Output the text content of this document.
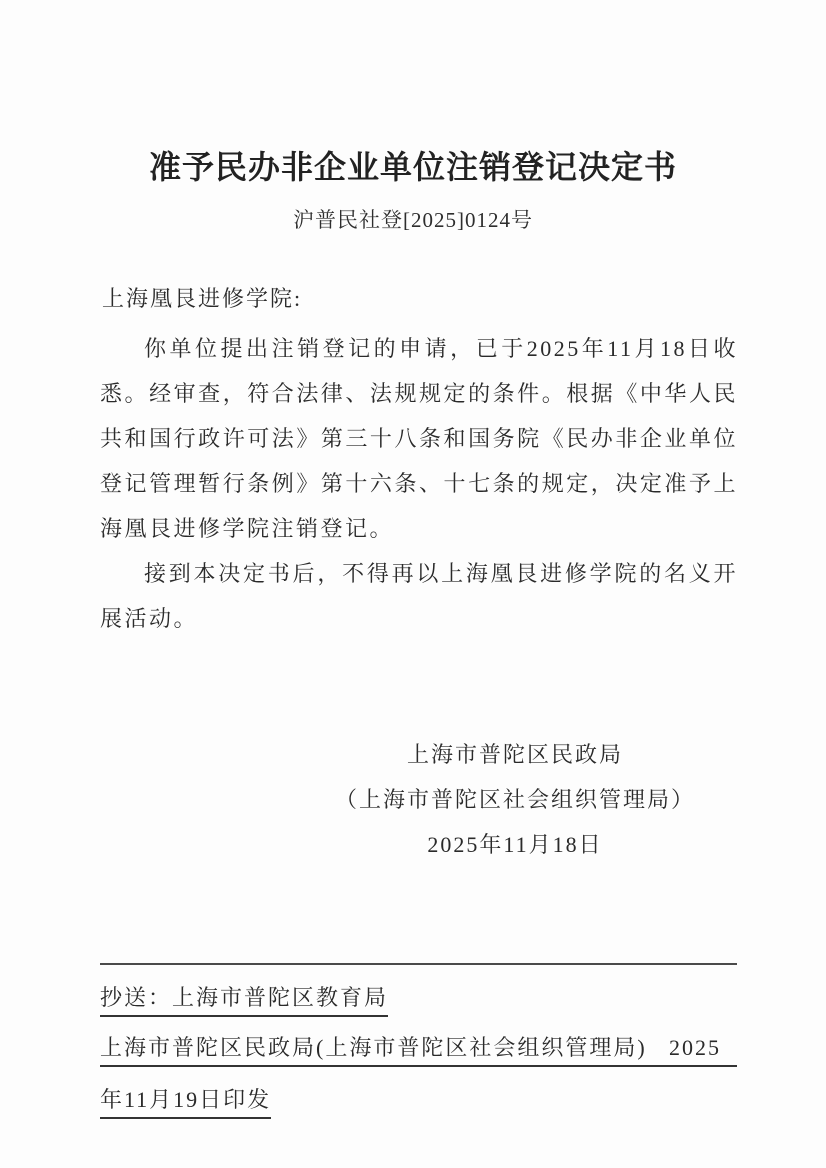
准予民办非企业单位注销登记决定书
沪普民社登[2025]0124号
上海凰艮进修学院:

你单位提出注销登记的申请，已于2025年11月18日收悉。经审查，符合法律、法规规定的条件。根据《中华人民共和国行政许可法》第三十八条和国务院《民办非企业单位登记管理暂行条例》第十六条、十七条的规定，决定准予上海凰艮进修学院注销登记。

接到本决定书后，不得再以上海凰艮进修学院的名义开展活动。

上海市普陀区民政局
（上海市普陀区社会组织管理局）
2025年11月18日
抄送：上海市普陀区教育局
上海市普陀区民政局(上海市普陀区社会组织管理局) 2025
年11月19日印发
